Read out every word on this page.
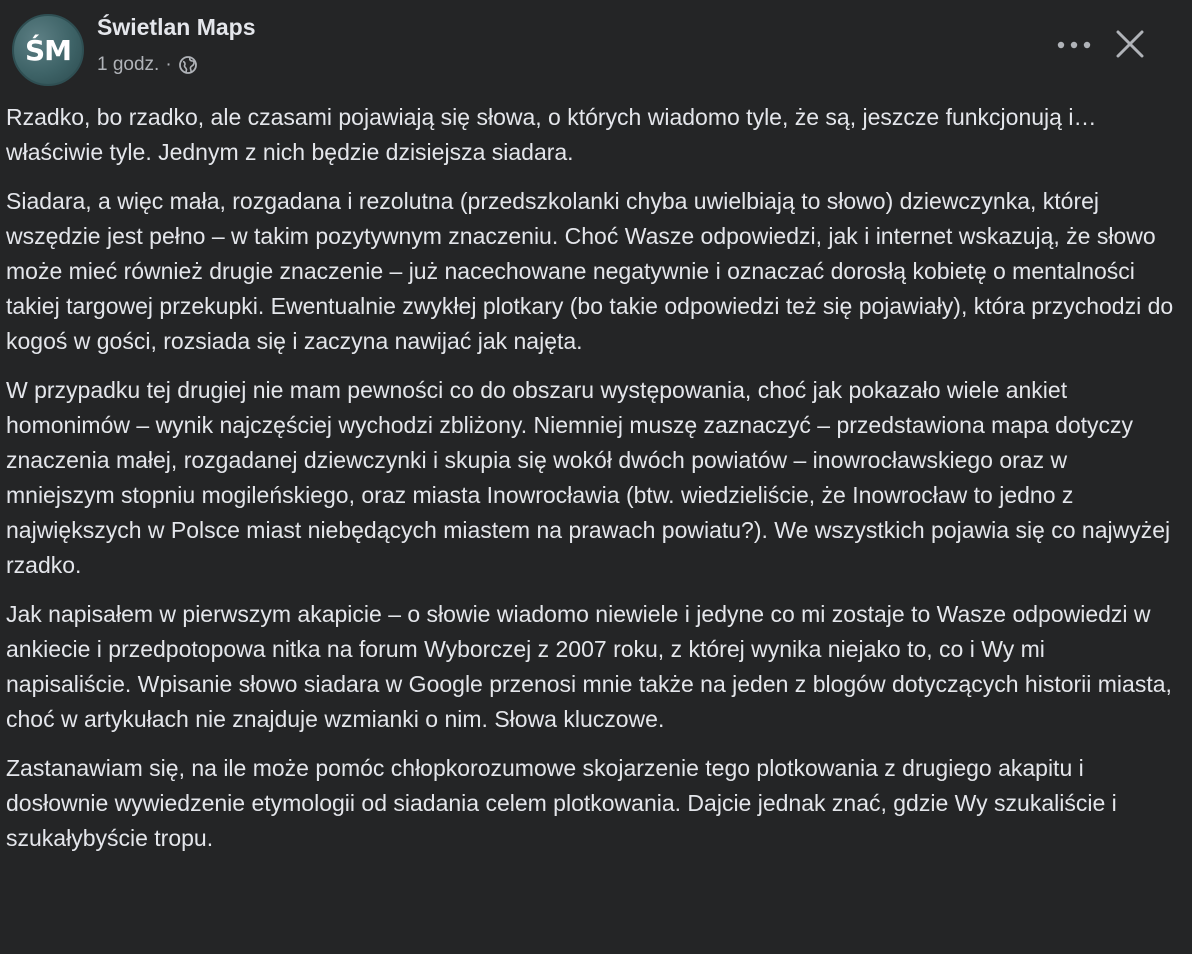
ŚM
Świetlan Maps
1 godz. ·

Rzadko, bo rzadko, ale czasami pojawiają się słowa, o których wiadomo tyle, że są, jeszcze funkcjonują i… właściwie tyle. Jednym z nich będzie dzisiejsza siadara.

Siadara, a więc mała, rozgadana i rezolutna (przedszkolanki chyba uwielbiają to słowo) dziewczynka, której wszędzie jest pełno – w takim pozytywnym znaczeniu. Choć Wasze odpowiedzi, jak i internet wskazują, że słowo może mieć również drugie znaczenie – już nacechowane negatywnie i oznaczać dorosłą kobietę o mentalności takiej targowej przekupki. Ewentualnie zwykłej plotkary (bo takie odpowiedzi też się pojawiały), która przychodzi do kogoś w gości, rozsiada się i zaczyna nawijać jak najęta.

W przypadku tej drugiej nie mam pewności co do obszaru występowania, choć jak pokazało wiele ankiet homonimów – wynik najczęściej wychodzi zbliżony. Niemniej muszę zaznaczyć – przedstawiona mapa dotyczy znaczenia małej, rozgadanej dziewczynki i skupia się wokół dwóch powiatów – inowrocławskiego oraz w mniejszym stopniu mogileńskiego, oraz miasta Inowrocławia (btw. wiedzieliście, że Inowrocław to jedno z największych w Polsce miast niebędących miastem na prawach powiatu?). We wszystkich pojawia się co najwyżej rzadko.

Jak napisałem w pierwszym akapicie – o słowie wiadomo niewiele i jedyne co mi zostaje to Wasze odpowiedzi w ankiecie i przedpotopowa nitka na forum Wyborczej z 2007 roku, z której wynika niejako to, co i Wy mi napisaliście. Wpisanie słowo siadara w Google przenosi mnie także na jeden z blogów dotyczących historii miasta, choć w artykułach nie znajduje wzmianki o nim. Słowa kluczowe.

Zastanawiam się, na ile może pomóc chłopkorozumowe skojarzenie tego plotkowania z drugiego akapitu i dosłownie wywiedzenie etymologii od siadania celem plotkowania. Dajcie jednak znać, gdzie Wy szukaliście i szukałybyście tropu.
